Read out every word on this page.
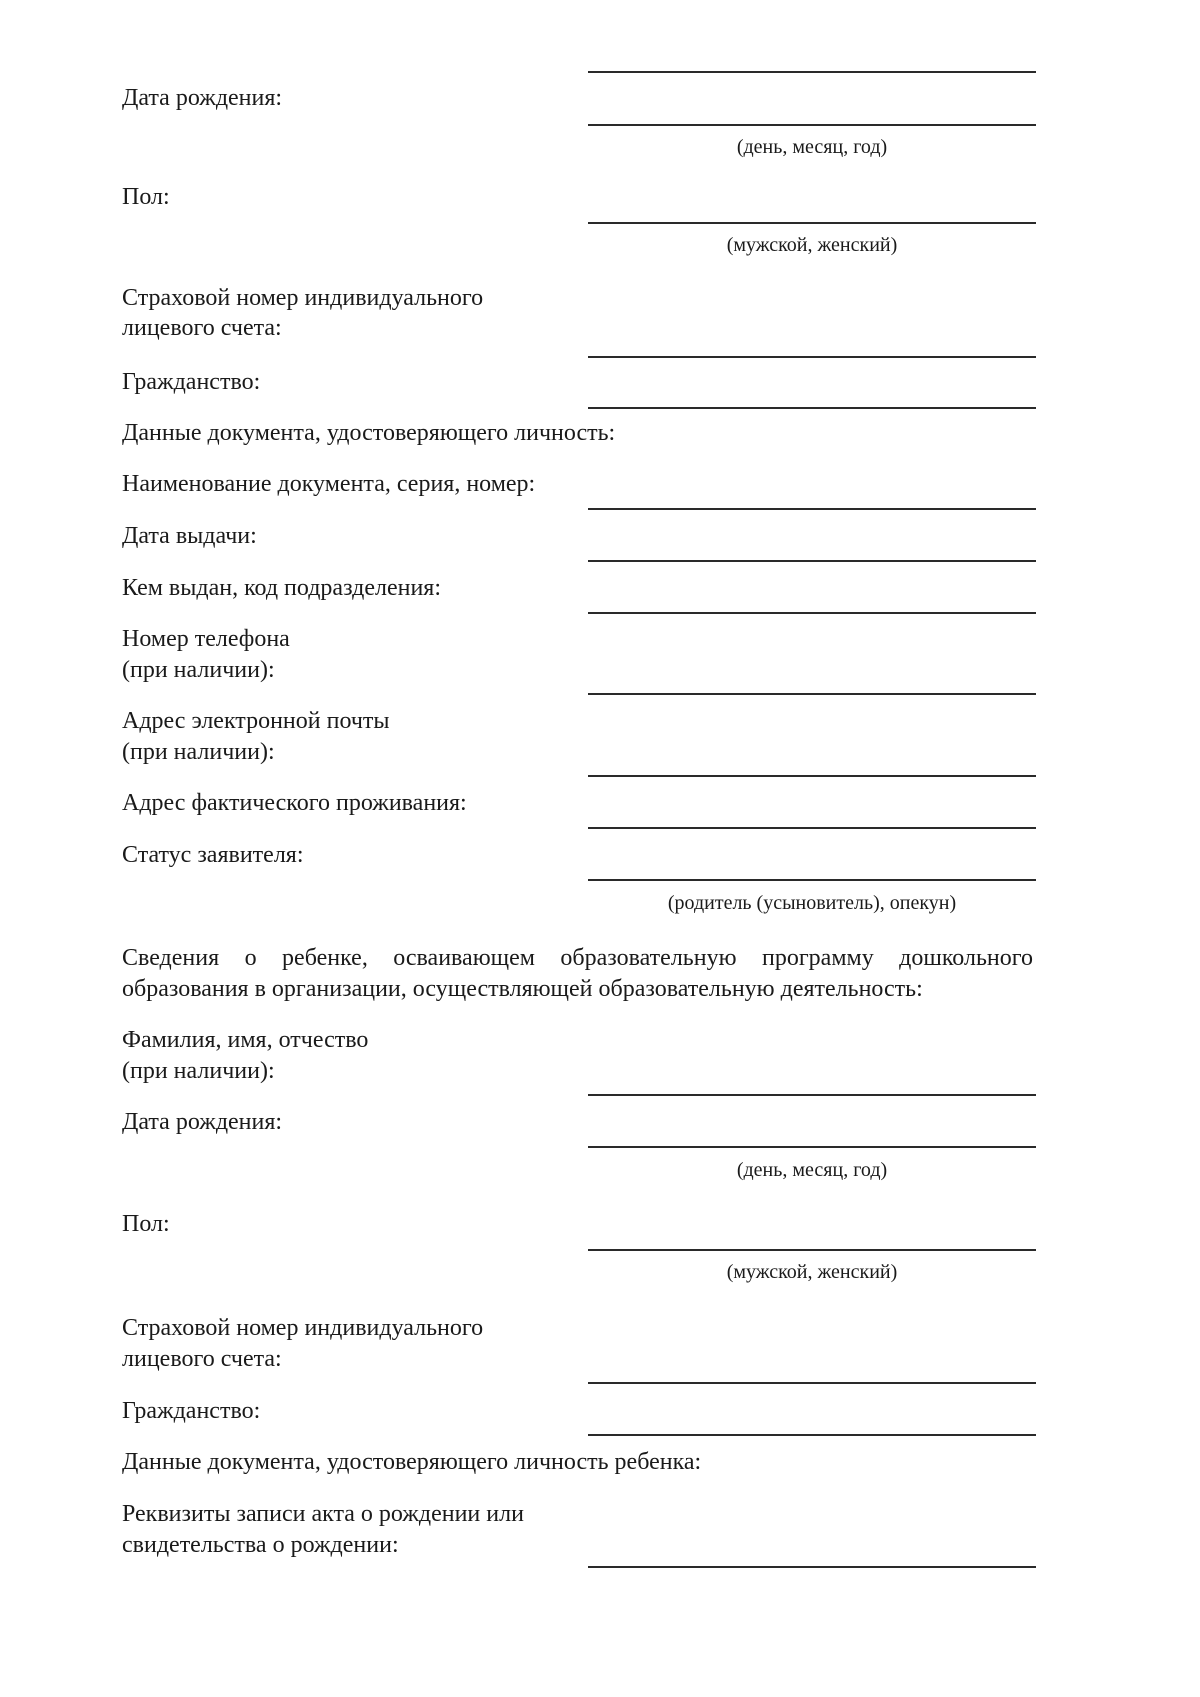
Дата рождения:
(день, месяц, год)
Пол:
(мужской, женский)
Страховой номер индивидуального
лицевого счета:
Гражданство:
Данные документа, удостоверяющего личность:
Наименование документа, серия, номер:
Дата выдачи:
Кем выдан, код подразделения:
Номер телефона
(при наличии):
Адрес электронной почты
(при наличии):
Адрес фактического проживания:
Статус заявителя:
(родитель (усыновитель), опекун)
Сведения о ребенке, осваивающем образовательную программу дошкольного
образования в организации, осуществляющей образовательную деятельность:
Фамилия, имя, отчество
(при наличии):
Дата рождения:
(день, месяц, год)
Пол:
(мужской, женский)
Страховой номер индивидуального
лицевого счета:
Гражданство:
Данные документа, удостоверяющего личность ребенка:
Реквизиты записи акта о рождении или
свидетельства о рождении:
